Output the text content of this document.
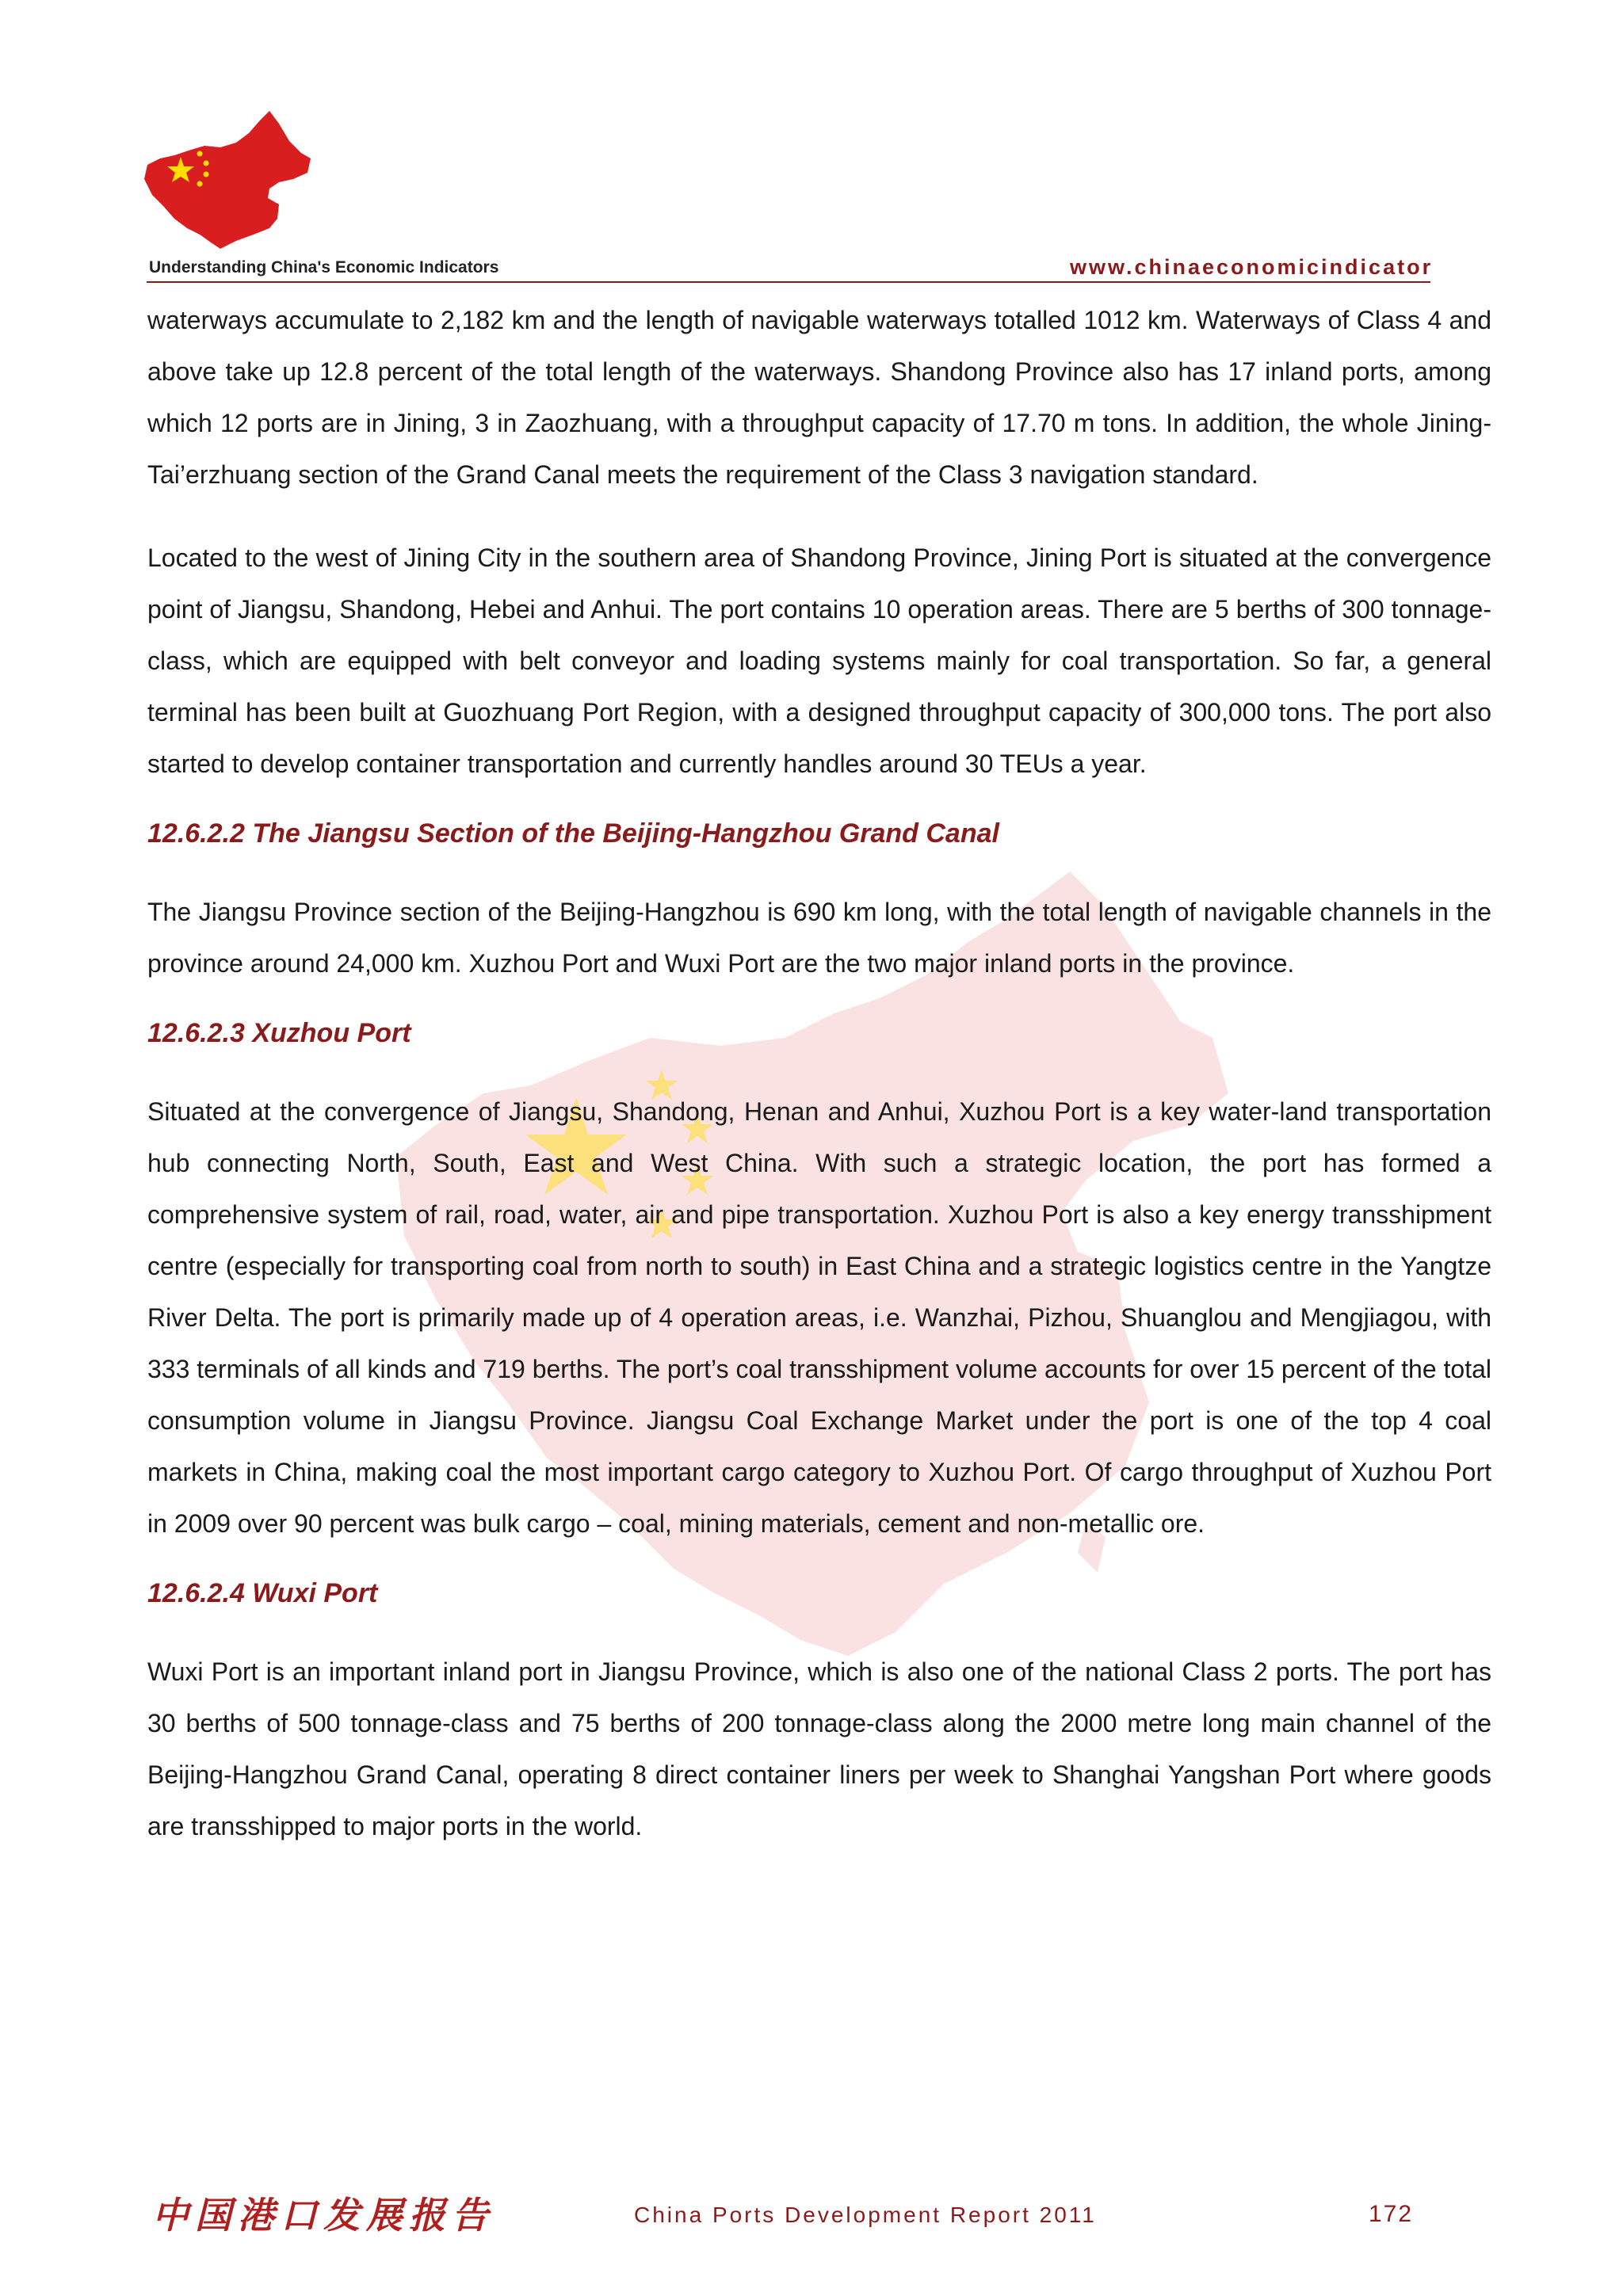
Understanding China's Economic Indicators	www.chinaeconomicindicator

waterways accumulate to 2,182 km and the length of navigable waterways totalled 1012 km. Waterways of Class 4 and above take up 12.8 percent of the total length of the waterways. Shandong Province also has 17 inland ports, among which 12 ports are in Jining, 3 in Zaozhuang, with a throughput capacity of 17.70 m tons. In addition, the whole Jining-Tai’erzhuang section of the Grand Canal meets the requirement of the Class 3 navigation standard.

Located to the west of Jining City in the southern area of Shandong Province, Jining Port is situated at the convergence point of Jiangsu, Shandong, Hebei and Anhui. The port contains 10 operation areas. There are 5 berths of 300 tonnage-class, which are equipped with belt conveyor and loading systems mainly for coal transportation. So far, a general terminal has been built at Guozhuang Port Region, with a designed throughput capacity of 300,000 tons. The port also started to develop container transportation and currently handles around 30 TEUs a year.

12.6.2.2 The Jiangsu Section of the Beijing-Hangzhou Grand Canal

The Jiangsu Province section of the Beijing-Hangzhou is 690 km long, with the total length of navigable channels in the province around 24,000 km. Xuzhou Port and Wuxi Port are the two major inland ports in the province.

12.6.2.3 Xuzhou Port

Situated at the convergence of Jiangsu, Shandong, Henan and Anhui, Xuzhou Port is a key water-land transportation hub connecting North, South, East and West China. With such a strategic location, the port has formed a comprehensive system of rail, road, water, air and pipe transportation. Xuzhou Port is also a key energy transshipment centre (especially for transporting coal from north to south) in East China and a strategic logistics centre in the Yangtze River Delta. The port is primarily made up of 4 operation areas, i.e. Wanzhai, Pizhou, Shuanglou and Mengjiagou, with 333 terminals of all kinds and 719 berths. The port’s coal transshipment volume accounts for over 15 percent of the total consumption volume in Jiangsu Province. Jiangsu Coal Exchange Market under the port is one of the top 4 coal markets in China, making coal the most important cargo category to Xuzhou Port. Of cargo throughput of Xuzhou Port in 2009 over 90 percent was bulk cargo – coal, mining materials, cement and non-metallic ore.

12.6.2.4 Wuxi Port

Wuxi Port is an important inland port in Jiangsu Province, which is also one of the national Class 2 ports. The port has 30 berths of 500 tonnage-class and 75 berths of 200 tonnage-class along the 2000 metre long main channel of the Beijing-Hangzhou Grand Canal, operating 8 direct container liners per week to Shanghai Yangshan Port where goods are transshipped to major ports in the world.

中国港口发展报告	China Ports Development Report 2011	172
